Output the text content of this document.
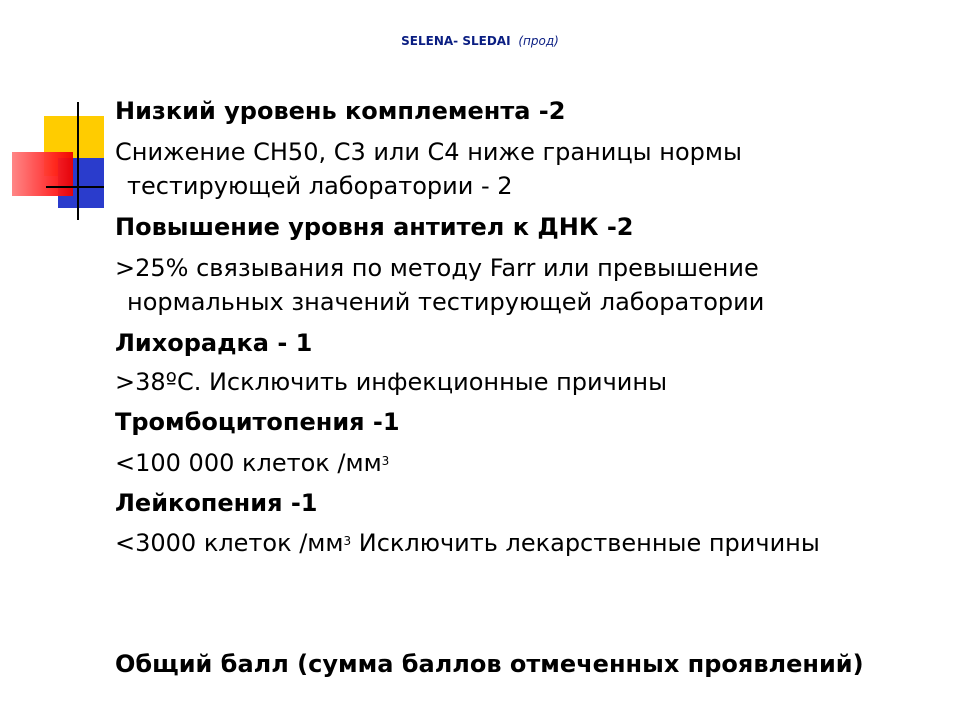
SELENA- SLEDAI (прод)
Низкий уровень комплемента -2
Снижение СН50, С3 или С4 ниже границы нормы
тестирующей лаборатории - 2
Повышение уровня антител к ДНК -2
>25% связывания по методу Farr или превышение
нормальных значений тестирующей лаборатории
Лихорадка - 1
>38ºС. Исключить инфекционные причины
Тромбоцитопения -1
<100 000 клеток $/мм^3$
Лейкопения -1
<3000 клеток $/мм^3$ Исключить лекарственные причины
Общий балл (сумма баллов отмеченных проявлений)
